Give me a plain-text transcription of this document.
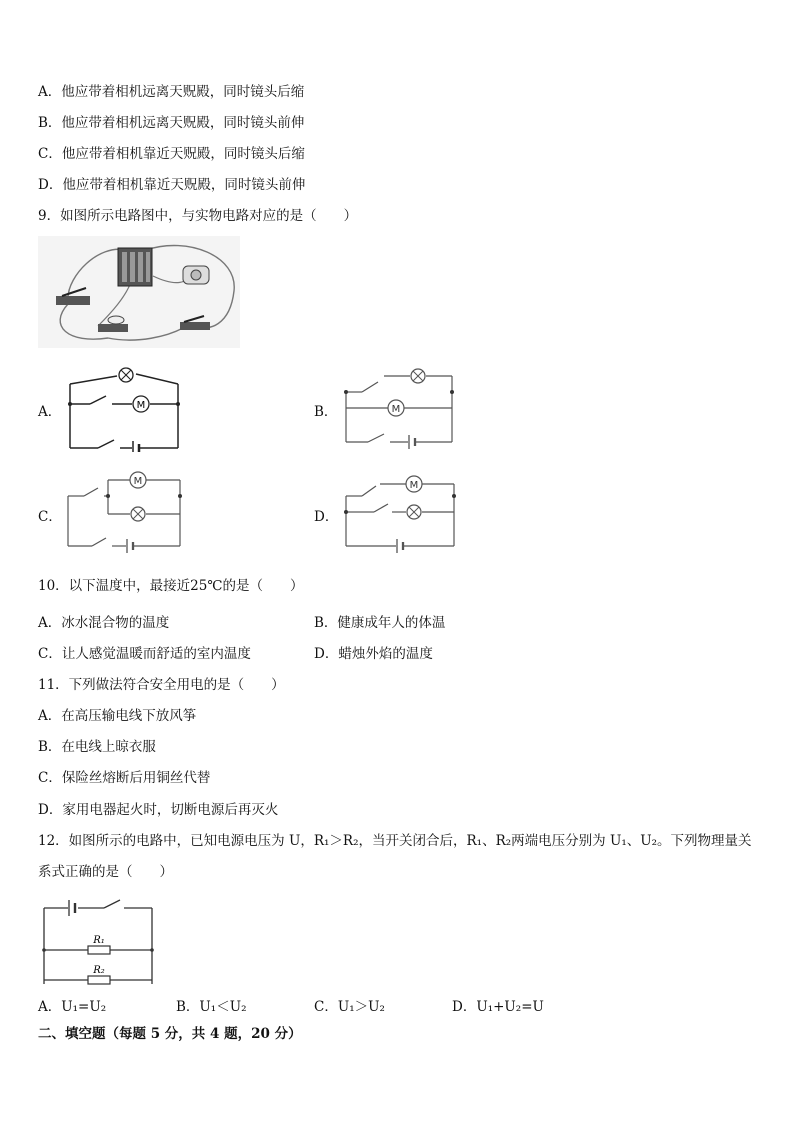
A．他应带着相机远离天贶殿，同时镜头后缩
B．他应带着相机远离天贶殿，同时镜头前伸
C．他应带着相机靠近天贶殿，同时镜头后缩
D．他应带着相机靠近天贶殿，同时镜头前伸
9．如图所示电路图中，与实物电路对应的是（　　）
A．	M	B．	M
C．
M
D．
M
10．以下温度中，最接近25℃的是（　　）
A．冰水混合物的温度	B．健康成年人的体温
C．让人感觉温暖而舒适的室内温度	D．蜡烛外焰的温度
11．下列做法符合安全用电的是（　　）
A．在高压输电线下放风筝
B．在电线上晾衣服
C．保险丝熔断后用铜丝代替
D．家用电器起火时，切断电源后再灭火
12．如图所示的电路中，已知电源电压为 U，R₁＞R₂，当开关闭合后，R₁、R₂两端电压分别为 U₁、U₂。下列物理量关
系式正确的是（　　）
R₁
R₂
A．U₁=U₂	B．U₁＜U₂	C．U₁＞U₂	D．U₁+U₂=U
二、填空题（每题 5 分，共 4 题，20 分）
